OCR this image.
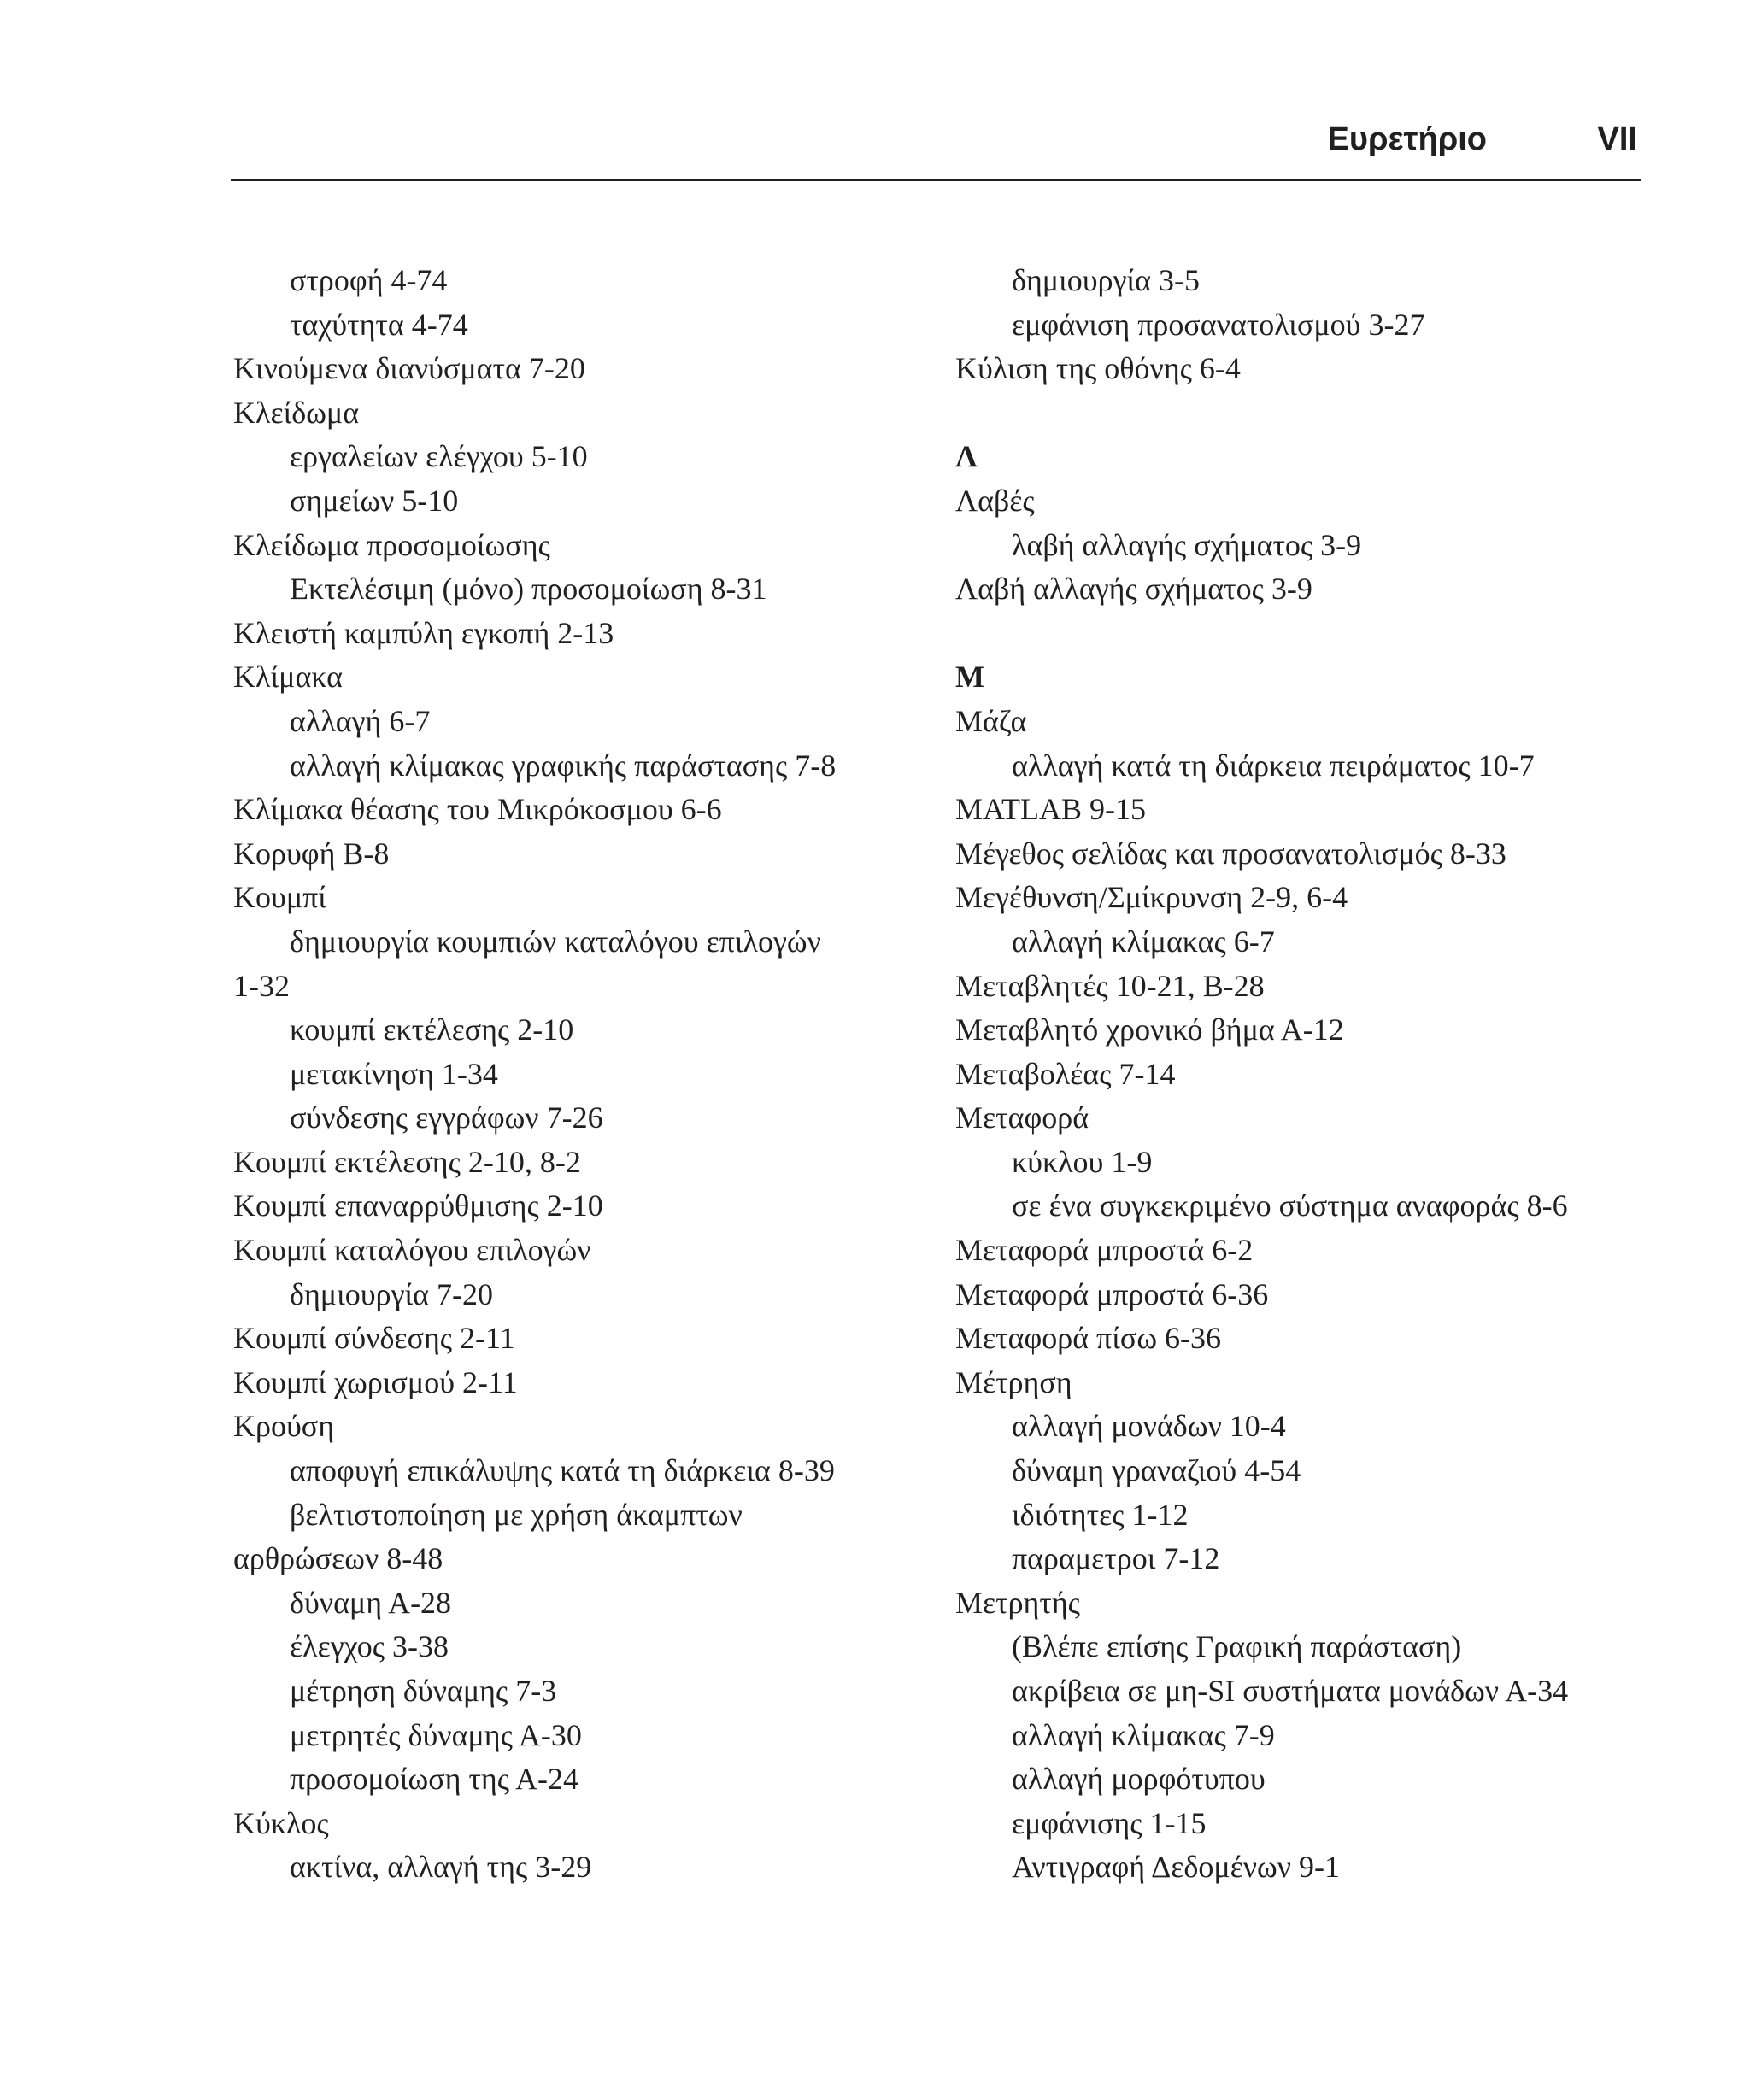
Ευρετήριο	VII
στροφή 4-74
ταχύτητα 4-74
Κινούμενα διανύσματα 7-20
Κλείδωμα
εργαλείων ελέγχου 5-10
σημείων 5-10
Κλείδωμα προσομοίωσης
Εκτελέσιμη (μόνο) προσομοίωση 8-31
Κλειστή καμπύλη εγκοπή 2-13
Κλίμακα
αλλαγή 6-7
αλλαγή κλίμακας γραφικής παράστασης 7-8
Κλίμακα θέασης του Μικρόκοσμου 6-6
Κορυφή Β-8
Κουμπί
δημιουργία κουμπιών καταλόγου επιλογών
1-32
κουμπί εκτέλεσης 2-10
μετακίνηση 1-34
σύνδεσης εγγράφων 7-26
Κουμπί εκτέλεσης 2-10, 8-2
Κουμπί επαναρρύθμισης 2-10
Κουμπί καταλόγου επιλογών
δημιουργία 7-20
Κουμπί σύνδεσης 2-11
Κουμπί χωρισμού 2-11
Κρούση
αποφυγή επικάλυψης κατά τη διάρκεια 8-39
βελτιστοποίηση με χρήση άκαμπτων
αρθρώσεων 8-48
δύναμη Α-28
έλεγχος 3-38
μέτρηση δύναμης 7-3
μετρητές δύναμης Α-30
προσομοίωση της Α-24
Κύκλος
ακτίνα, αλλαγή της 3-29
δημιουργία 3-5
εμφάνιση προσανατολισμού 3-27
Κύλιση της οθόνης 6-4
Λ
Λαβές
λαβή αλλαγής σχήματος 3-9
Λαβή αλλαγής σχήματος 3-9
Μ
Μάζα
αλλαγή κατά τη διάρκεια πειράματος 10-7
MATLAB 9-15
Μέγεθος σελίδας και προσανατολισμός 8-33
Μεγέθυνση/Σμίκρυνση 2-9, 6-4
αλλαγή κλίμακας 6-7
Μεταβλητές 10-21, Β-28
Μεταβλητό χρονικό βήμα Α-12
Μεταβολέας 7-14
Μεταφορά
κύκλου 1-9
σε ένα συγκεκριμένο σύστημα αναφοράς 8-6
Μεταφορά μπροστά 6-2
Μεταφορά μπροστά 6-36
Μεταφορά πίσω 6-36
Μέτρηση
αλλαγή μονάδων 10-4
δύναμη γραναζιού 4-54
ιδιότητες 1-12
παραμετροι 7-12
Μετρητής
(Βλέπε επίσης Γραφική παράσταση)
ακρίβεια σε μη-SI συστήματα μονάδων Α-34
αλλαγή κλίμακας 7-9
αλλαγή μορφότυπου
εμφάνισης 1-15
Αντιγραφή Δεδομένων 9-1
